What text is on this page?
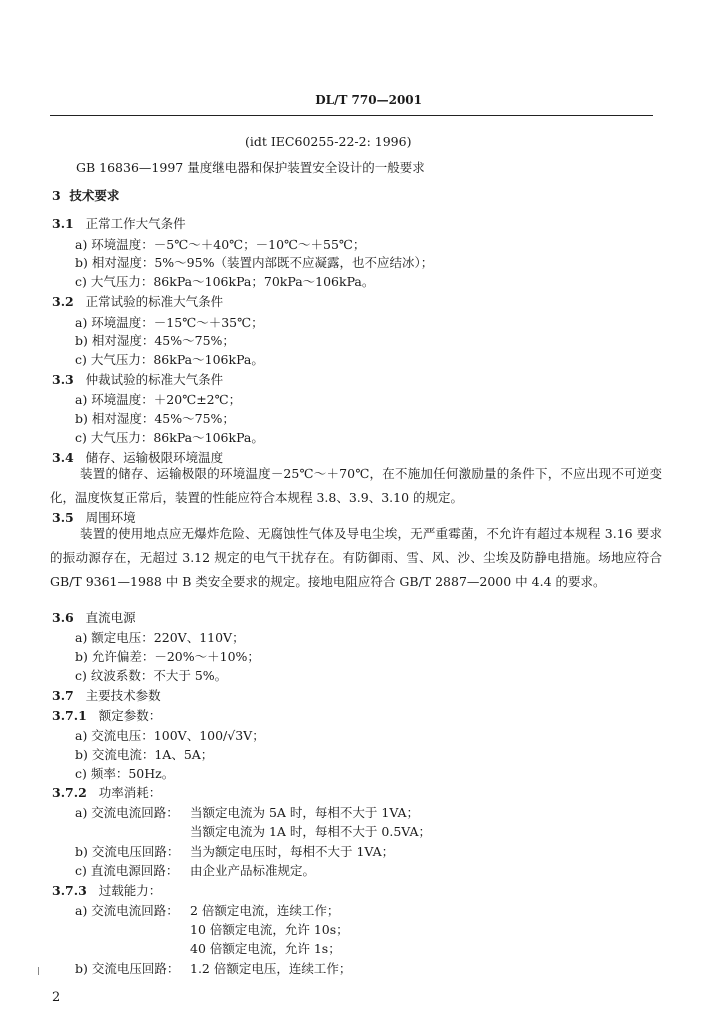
DL/T 770—2001
(idt IEC60255-22-2: 1996)
GB 16836—1997 量度继电器和保护装置安全设计的一般要求
3 技术要求
3.1 正常工作大气条件
a) 环境温度：－5℃～＋40℃；－10℃～＋55℃；
b) 相对湿度：5%～95%（装置内部既不应凝露，也不应结冰）；
c) 大气压力：86kPa～106kPa；70kPa～106kPa。
3.2 正常试验的标准大气条件
a) 环境温度：－15℃～＋35℃；
b) 相对湿度：45%～75%；
c) 大气压力：86kPa～106kPa。
3.3 仲裁试验的标准大气条件
a) 环境温度：＋20℃±2℃；
b) 相对湿度：45%～75%；
c) 大气压力：86kPa～106kPa。
3.4 储存、运输极限环境温度
装置的储存、运输极限的环境温度－25℃～＋70℃，在不施加任何激励量的条件下，不应出现不可逆变化，温度恢复正常后，装置的性能应符合本规程 3.8、3.9、3.10 的规定。
3.5 周围环境
装置的使用地点应无爆炸危险、无腐蚀性气体及导电尘埃，无严重霉菌，不允许有超过本规程 3.16 要求的振动源存在，无超过 3.12 规定的电气干扰存在。有防御雨、雪、风、沙、尘埃及防静电措施。场地应符合 GB/T 9361—1988 中 B 类安全要求的规定。接地电阻应符合 GB/T 2887—2000 中 4.4 的要求。
3.6 直流电源
a) 额定电压：220V、110V；
b) 允许偏差：－20%～＋10%；
c) 纹波系数：不大于 5%。
3.7 主要技术参数
3.7.1 额定参数：
a) 交流电压：100V、100/√3V；
b) 交流电流：1A、5A；
c) 频率：50Hz。
3.7.2 功率消耗：
a) 交流电流回路： 当额定电流为 5A 时，每相不大于 1VA；
当额定电流为 1A 时，每相不大于 0.5VA；
b) 交流电压回路： 当为额定电压时，每相不大于 1VA；
c) 直流电源回路： 由企业产品标准规定。
3.7.3 过载能力：
a) 交流电流回路： 2 倍额定电流，连续工作；
10 倍额定电流，允许 10s；
40 倍额定电流，允许 1s；
b) 交流电压回路： 1.2 倍额定电压，连续工作；
2
